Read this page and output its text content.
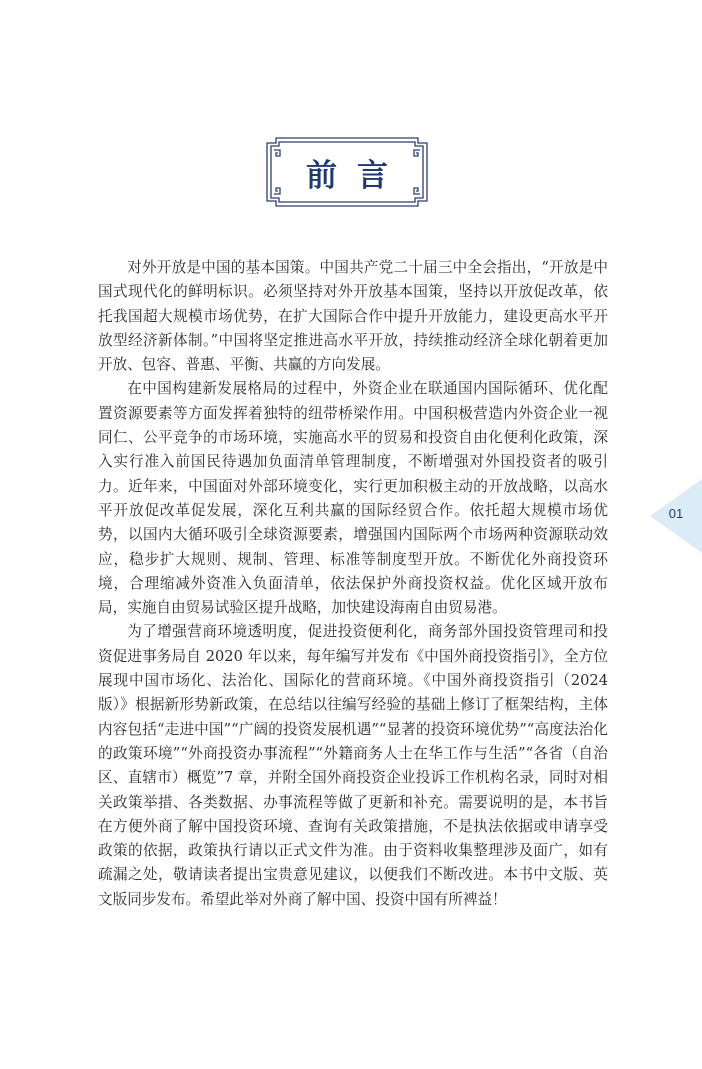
前言

对外开放是中国的基本国策。中国共产党二十届三中全会指出，“开放是中国式现代化的鲜明标识。必须坚持对外开放基本国策，坚持以开放促改革，依托我国超大规模市场优势，在扩大国际合作中提升开放能力，建设更高水平开放型经济新体制。”中国将坚定推进高水平开放，持续推动经济全球化朝着更加开放、包容、普惠、平衡、共赢的方向发展。

在中国构建新发展格局的过程中，外资企业在联通国内国际循环、优化配置资源要素等方面发挥着独特的纽带桥梁作用。中国积极营造内外资企业一视同仁、公平竞争的市场环境，实施高水平的贸易和投资自由化便利化政策，深入实行准入前国民待遇加负面清单管理制度，不断增强对外国投资者的吸引力。近年来，中国面对外部环境变化，实行更加积极主动的开放战略，以高水平开放促改革促发展，深化互利共赢的国际经贸合作。依托超大规模市场优势，以国内大循环吸引全球资源要素，增强国内国际两个市场两种资源联动效应，稳步扩大规则、规制、管理、标准等制度型开放。不断优化外商投资环境，合理缩减外资准入负面清单，依法保护外商投资权益。优化区域开放布局，实施自由贸易试验区提升战略，加快建设海南自由贸易港。

为了增强营商环境透明度，促进投资便利化，商务部外国投资管理司和投资促进事务局自 2020 年以来，每年编写并发布《中国外商投资指引》，全方位展现中国市场化、法治化、国际化的营商环境。《中国外商投资指引（2024 版）》根据新形势新政策，在总结以往编写经验的基础上修订了框架结构，主体内容包括“走进中国”“广阔的投资发展机遇”“显著的投资环境优势”“高度法治化的政策环境”“外商投资办事流程”“外籍商务人士在华工作与生活”“各省（自治区、直辖市）概览”7 章，并附全国外商投资企业投诉工作机构名录，同时对相关政策举措、各类数据、办事流程等做了更新和补充。需要说明的是，本书旨在方便外商了解中国投资环境、查询有关政策措施，不是执法依据或申请享受政策的依据，政策执行请以正式文件为准。由于资料收集整理涉及面广，如有疏漏之处，敬请读者提出宝贵意见建议，以便我们不断改进。本书中文版、英文版同步发布。希望此举对外商了解中国、投资中国有所裨益！

01
